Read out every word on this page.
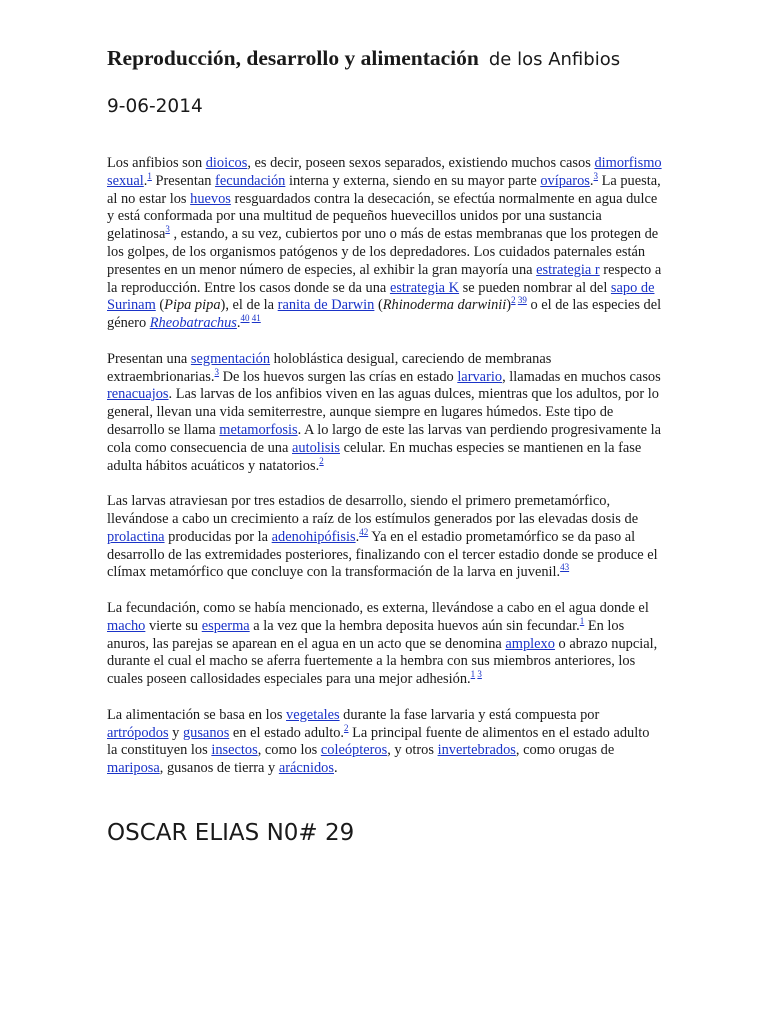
Reproducción, desarrollo y alimentación de los Anfibios
9-06-2014

Los anfibios son dioicos, es decir, poseen sexos separados, existiendo muchos casos dimorfismo sexual.$^1$ Presentan fecundación interna y externa, siendo en su mayor parte ovíparos.$^3$ La puesta, al no estar los huevos resguardados contra la desecación, se efectúa normalmente en agua dulce y está conformada por una multitud de pequeños huevecillos unidos por una sustancia gelatinosa$^3$ , estando, a su vez, cubiertos por uno o más de estas membranas que los protegen de los golpes, de los organismos patógenos y de los depredadores. Los cuidados paternales están presentes en un menor número de especies, al exhibir la gran mayoría una estrategia r respecto a la reproducción. Entre los casos donde se da una estrategia K se pueden nombrar al del sapo de Surinam (Pipa pipa), el de la ranita de Darwin (Rhinoderma darwinii)$^{2 39}$ o el de las especies del género Rheobatrachus.$^{40 41}$

Presentan una segmentación holoblástica desigual, careciendo de membranas extraembrionarias.$^3$ De los huevos surgen las crías en estado larvario, llamadas en muchos casos renacuajos. Las larvas de los anfibios viven en las aguas dulces, mientras que los adultos, por lo general, llevan una vida semiterrestre, aunque siempre en lugares húmedos. Este tipo de desarrollo se llama metamorfosis. A lo largo de este las larvas van perdiendo progresivamente la cola como consecuencia de una autolisis celular. En muchas especies se mantienen en la fase adulta hábitos acuáticos y natatorios.$^2$

Las larvas atraviesan por tres estadios de desarrollo, siendo el primero premetamórfico, llevándose a cabo un crecimiento a raíz de los estímulos generados por las elevadas dosis de prolactina producidas por la adenohipófisis.$^{42}$ Ya en el estadio prometamórfico se da paso al desarrollo de las extremidades posteriores, finalizando con el tercer estadio donde se produce el clímax metamórfico que concluye con la transformación de la larva en juvenil.$^{43}$

La fecundación, como se había mencionado, es externa, llevándose a cabo en el agua donde el macho vierte su esperma a la vez que la hembra deposita huevos aún sin fecundar.$^1$ En los anuros, las parejas se aparean en el agua en un acto que se denomina amplexo o abrazo nupcial, durante el cual el macho se aferra fuertemente a la hembra con sus miembros anteriores, los cuales poseen callosidades especiales para una mejor adhesión.$^{1 3}$

La alimentación se basa en los vegetales durante la fase larvaria y está compuesta por artrópodos y gusanos en el estado adulto.$^2$ La principal fuente de alimentos en el estado adulto la constituyen los insectos, como los coleópteros, y otros invertebrados, como orugas de mariposa, gusanos de tierra y arácnidos.

OSCAR ELIAS N0# 29
